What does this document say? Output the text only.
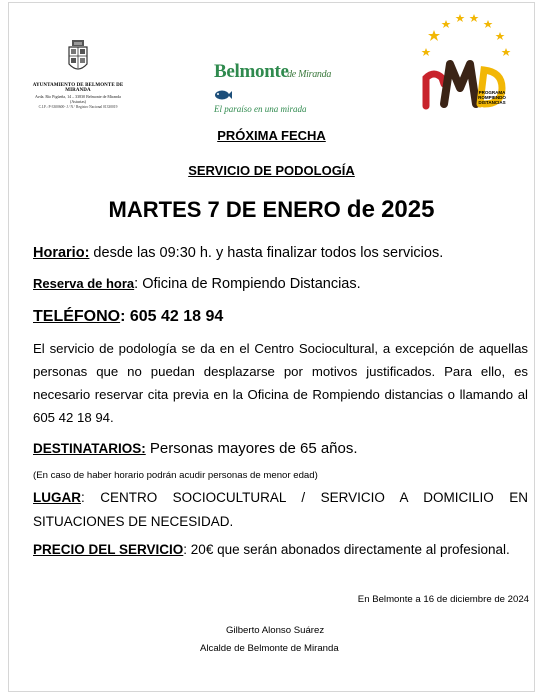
AYUNTAMIENTO DE BELMONTE DE MIRANDA
Avda. Río Pigüeña, 14 – 33830 Belmonte de Miranda (Asturias)
C.I.F.: P-3300600- J / N.º Registro Nacional 01330019
Belmonte de Miranda
El paraíso en una mirada
PROGRAMA
ROMPIENDO
DISTANCIAS
PRÓXIMA FECHA
SERVICIO DE PODOLOGÍA
MARTES 7 DE ENERO de 2025
Horario: desde las 09:30 h. y hasta finalizar todos los servicios.
Reserva de hora: Oficina de Rompiendo Distancias.
TELÉFONO: 605 42 18 94
El servicio de podología se da en el Centro Sociocultural, a excepción de aquellas personas que no puedan desplazarse por motivos justificados. Para ello, es necesario reservar cita previa en la Oficina de Rompiendo distancias o llamando al 605 42 18 94.
DESTINATARIOS: Personas mayores de 65 años.
(En caso de haber horario podrán acudir personas de menor edad)
LUGAR: CENTRO SOCIOCULTURAL / SERVICIO A DOMICILIO EN SITUACIONES DE NECESIDAD.
PRECIO DEL SERVICIO: 20€ que serán abonados directamente al profesional.
En Belmonte a 16 de diciembre de 2024
Gilberto Alonso Suárez
Alcalde de Belmonte de Miranda
